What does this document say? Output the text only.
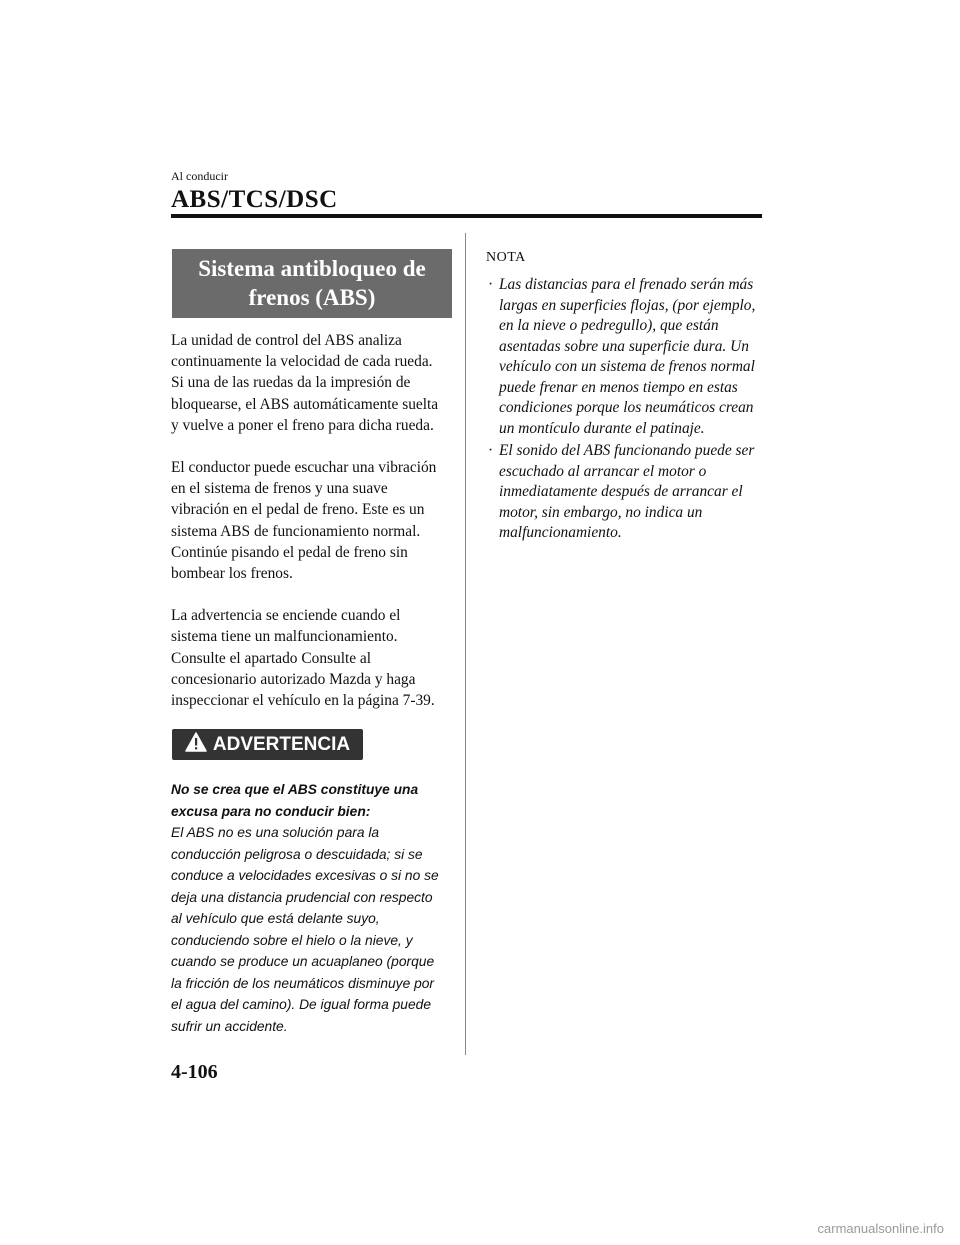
Al conducir
ABS/TCS/DSC
Sistema antibloqueo de frenos (ABS)

La unidad de control del ABS analiza continuamente la velocidad de cada rueda. Si una de las ruedas da la impresión de bloquearse, el ABS automáticamente suelta y vuelve a poner el freno para dicha rueda.

El conductor puede escuchar una vibración en el sistema de frenos y una suave vibración en el pedal de freno. Este es un sistema ABS de funcionamiento normal. Continúe pisando el pedal de freno sin bombear los frenos.

La advertencia se enciende cuando el sistema tiene un malfuncionamiento. Consulte el apartado Consulte al concesionario autorizado Mazda y haga inspeccionar el vehículo en la página 7-39.

ADVERTENCIA
No se crea que el ABS constituye una excusa para no conducir bien:
El ABS no es una solución para la conducción peligrosa o descuidada; si se conduce a velocidades excesivas o si no se deja una distancia prudencial con respecto al vehículo que está delante suyo, conduciendo sobre el hielo o la nieve, y cuando se produce un acuaplaneo (porque la fricción de los neumáticos disminuye por el agua del camino). De igual forma puede sufrir un accidente.
NOTA
· Las distancias para el frenado serán más largas en superficies flojas, (por ejemplo, en la nieve o pedregullo), que están asentadas sobre una superficie dura. Un vehículo con un sistema de frenos normal puede frenar en menos tiempo en estas condiciones porque los neumáticos crean un montículo durante el patinaje.
· El sonido del ABS funcionando puede ser escuchado al arrancar el motor o inmediatamente después de arrancar el motor, sin embargo, no indica un malfuncionamiento.
4-106
carmanualsonline.info
